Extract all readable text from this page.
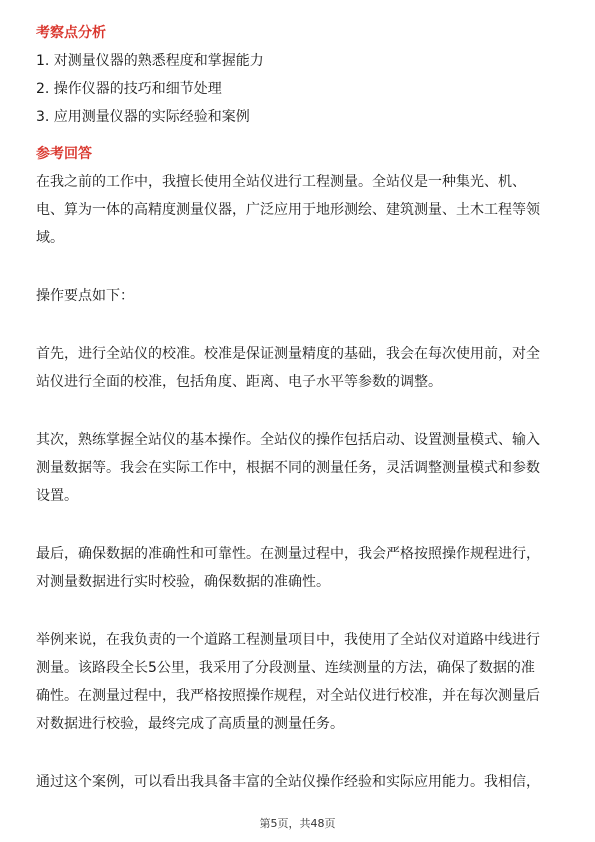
考察点分析
1. 对测量仪器的熟悉程度和掌握能力
2. 操作仪器的技巧和细节处理
3. 应用测量仪器的实际经验和案例
参考回答
在我之前的工作中，我擅长使用全站仪进行工程测量。全站仪是一种集光、机、
电、算为一体的高精度测量仪器，广泛应用于地形测绘、建筑测量、土木工程等领
域。
操作要点如下：
首先，进行全站仪的校准。校准是保证测量精度的基础，我会在每次使用前，对全
站仪进行全面的校准，包括角度、距离、电子水平等参数的调整。
其次，熟练掌握全站仪的基本操作。全站仪的操作包括启动、设置测量模式、输入
测量数据等。我会在实际工作中，根据不同的测量任务，灵活调整测量模式和参数
设置。
最后，确保数据的准确性和可靠性。在测量过程中，我会严格按照操作规程进行，
对测量数据进行实时校验，确保数据的准确性。
举例来说，在我负责的一个道路工程测量项目中，我使用了全站仪对道路中线进行
测量。该路段全长5公里，我采用了分段测量、连续测量的方法，确保了数据的准
确性。在测量过程中，我严格按照操作规程，对全站仪进行校准，并在每次测量后
对数据进行校验，最终完成了高质量的测量任务。
通过这个案例，可以看出我具备丰富的全站仪操作经验和实际应用能力。我相信，
第5页，共48页
